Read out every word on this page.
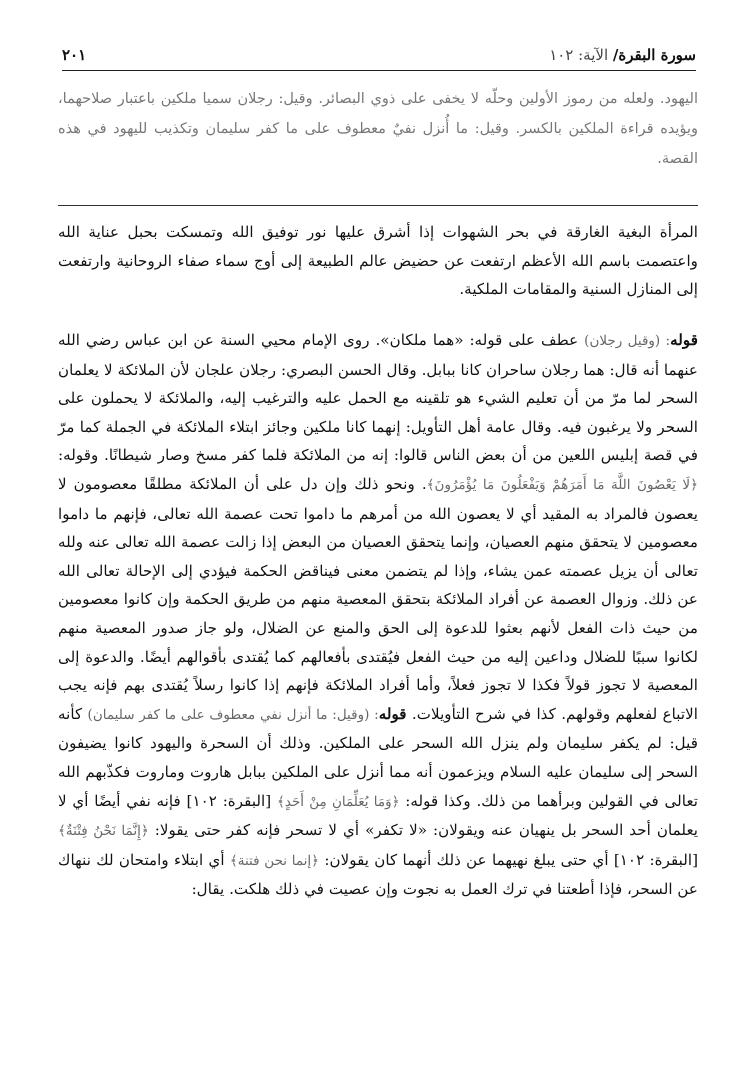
سورة البقرة/ الآية: ١٠٢
٢٠١
اليهود. ولعله من رموز الأولين وحلّه لا يخفى على ذوي البصائر. وقيل: رجلان سميا ملكين باعتبار صلاحهما، ويؤيده قراءة الملكين بالكسر. وقيل: ما أُنزل نفيٌ معطوف على ما كفر سليمان وتكذيب لليهود في هذه القصة.
المرأة البغية الغارقة في بحر الشهوات إذا أشرق عليها نور توفيق الله وتمسكت بحبل عناية الله واعتصمت باسم الله الأعظم ارتفعت عن حضيض عالم الطبيعة إلى أوج سماء صفاء الروحانية وارتفعت إلى المنازل السنية والمقامات الملكية.
قوله: (وقيل رجلان) عطف على قوله: «هما ملكان». روى الإمام محيي السنة عن ابن عباس رضي الله عنهما أنه قال: هما رجلان ساحران كانا ببابل. وقال الحسن البصري: رجلان علجان لأن الملائكة لا يعلمان السحر لما مرّ من أن تعليم الشيء هو تلقينه مع الحمل عليه والترغيب إليه، والملائكة لا يحملون على السحر ولا يرغبون فيه. وقال عامة أهل التأويل: إنهما كانا ملكين وجائز ابتلاء الملائكة في الجملة كما مرّ في قصة إبليس اللعين من أن بعض الناس قالوا: إنه من الملائكة فلما كفر مسخ وصار شيطانًا. وقوله: ﴿لَا يَعْصُونَ اللَّهَ مَا أَمَرَهُمْ وَيَفْعَلُونَ مَا يُؤْمَرُونَ﴾. ونحو ذلك وإن دل على أن الملائكة مطلقًا معصومون لا يعصون فالمراد به المقيد أي لا يعصون الله من أمرهم ما داموا تحت عصمة الله تعالى، فإنهم ما داموا معصومين لا يتحقق منهم العصيان، وإنما يتحقق العصيان من البعض إذا زالت عصمة الله تعالى عنه ولله تعالى أن يزيل عصمته عمن يشاء، وإذا لم يتضمن معنى فيناقض الحكمة فيؤدي إلى الإحالة تعالى الله عن ذلك. وزوال العصمة عن أفراد الملائكة بتحقق المعصية منهم من طريق الحكمة وإن كانوا معصومين من حيث ذات الفعل لأنهم بعثوا للدعوة إلى الحق والمنع عن الضلال، ولو جاز صدور المعصية منهم لكانوا سببًا للضلال وداعين إليه من حيث الفعل فيُقتدى بأفعالهم كما يُقتدى بأقوالهم أيضًا. والدعوة إلى المعصية لا تجوز قولاً فكذا لا تجوز فعلاً، وأما أفراد الملائكة فإنهم إذا كانوا رسلاً يُقتدى بهم فإنه يجب الاتباع لفعلهم وقولهم. كذا في شرح التأويلات. قوله: (وقيل: ما أنزل نفي معطوف على ما كفر سليمان) كأنه قيل: لم يكفر سليمان ولم ينزل الله السحر على الملكين. وذلك أن السحرة واليهود كانوا يضيفون السحر إلى سليمان عليه السلام ويزعمون أنه مما أنزل على الملكين ببابل هاروت وماروت فكذّبهم الله تعالى في القولين وبرأهما من ذلك. وكذا قوله: ﴿وَمَا يُعَلِّمَانِ مِنْ أَحَدٍ﴾ [البقرة: ١٠٢] فإنه نفي أيضًا أي لا يعلمان أحد السحر بل ينهيان عنه ويقولان: «لا تكفر» أي لا تسحر فإنه كفر حتى يقولا: ﴿إِنَّمَا نَحْنُ فِتْنَةٌ﴾ [البقرة: ١٠٢] أي حتى يبلغ نهيهما عن ذلك أنهما كان يقولان: ﴿إنما نحن فتنة﴾ أي ابتلاء وامتحان لك ننهاك عن السحر، فإذا أطعتنا في ترك العمل به نجوت وإن عصيت في ذلك هلكت. يقال:
